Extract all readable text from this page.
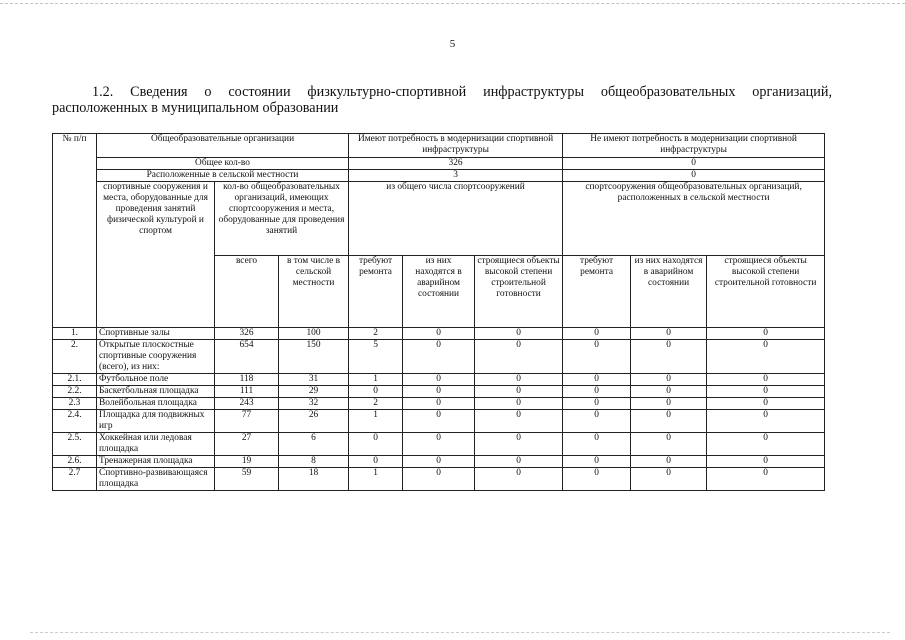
5
1.2. Сведения о состоянии физкультурно-спортивной инфраструктуры общеобразовательных организаций, расположенных в муниципальном образовании
№ п/п	Общеобразовательные организации			Имеют потребность в модернизации спортивной инфраструктуры			Не имеют потребность в модернизации спортивной инфраструктуры		
	Общее кол-во			326			0		
	Расположенные в сельской местности			3			0		
	спортивные сооружения и места, оборудованные для проведения занятий физической культурой и спортом	кол-во общеобразовательных организаций, имеющих спортсооружения и места, оборудованные для проведения занятий		из общего числа спортсооружений			спортсооружения общеобразовательных организаций, расположенных в сельской местности		
		всего	в том числе в сельской местности	требуют ремонта	из них находятся в аварийном состоянии	строящиеся объекты высокой степени строительной готовности	требуют ремонта	из них находятся в аварийном состоянии	строящиеся объекты высокой степени строительной готовности
1.	Спортивные залы	326	100	2	0	0	0	0	0
2.	Открытые плоскостные спортивные сооружения (всего), из них:	654	150	5	0	0	0	0	0
2.1.	Футбольное поле	118	31	1	0	0	0	0	0
2.2.	Баскетбольная площадка	111	29	0	0	0	0	0	0
2.3	Волейбольная площадка	243	32	2	0	0	0	0	0
2.4.	Площадка для подвижных игр	77	26	1	0	0	0	0	0
2.5.	Хоккейная или ледовая площадка	27	6	0	0	0	0	0	0
2.6.	Тренажерная площадка	19	8	0	0	0	0	0	0
2.7	Спортивно-развивающаяся площадка	59	18	1	0	0	0	0	0
